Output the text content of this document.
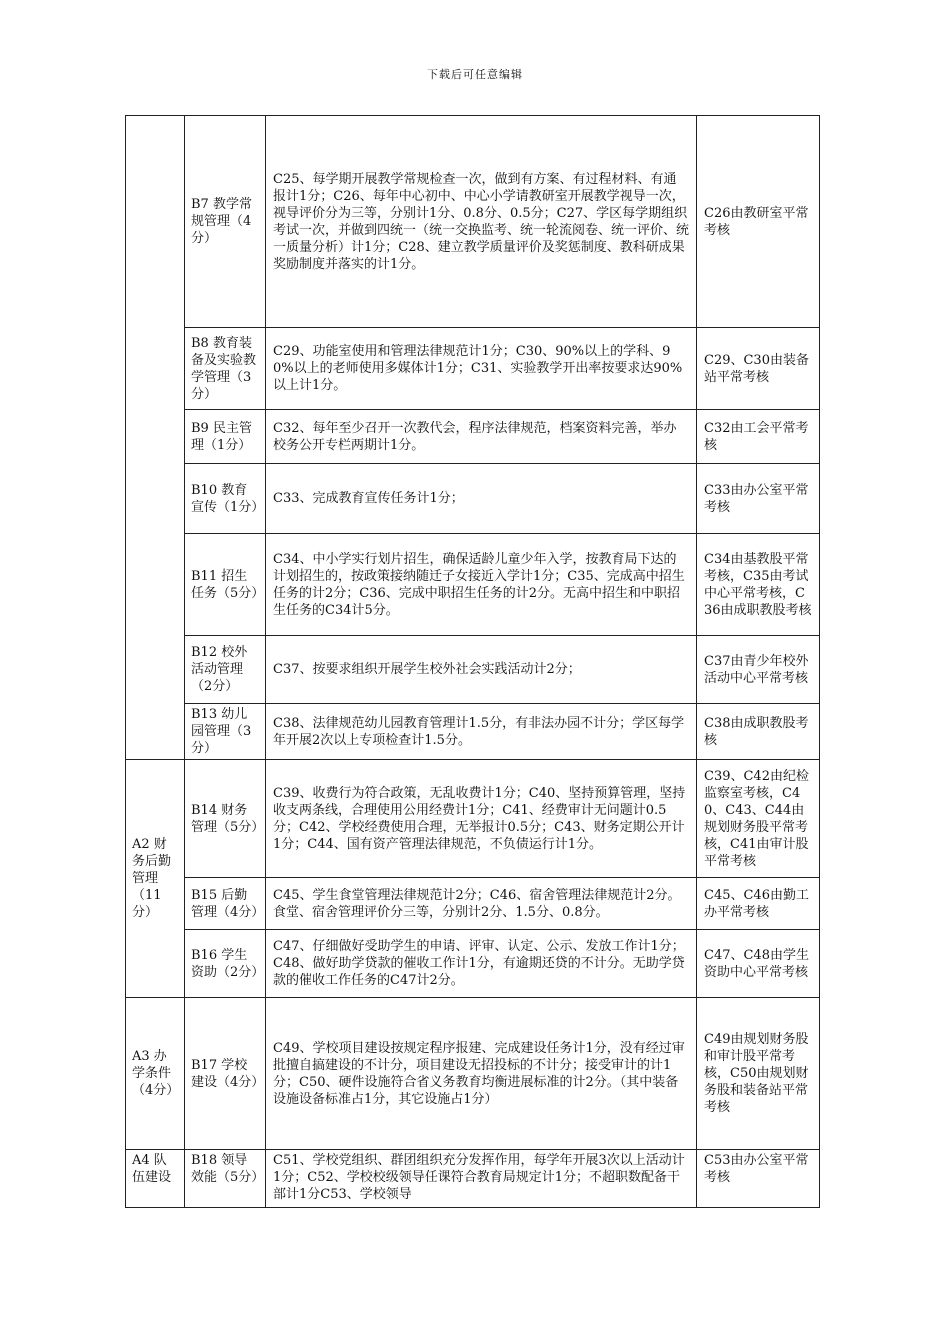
下载后可任意编辑
	B7 教学常规管理（4分）	C25、每学期开展教学常规检查一次，做到有方案、有过程材料、有通报计1分；C26、每年中心初中、中心小学请教研室开展教学视导一次，视导评价分为三等，分别计1分、0.8分、0.5分；C27、学区每学期组织考试一次，并做到四统一（统一交换监考、统一轮流阅卷、统一评价、统一质量分析）计1分；C28、建立教学质量评价及奖惩制度、教科研成果奖励制度并落实的计1分。	C26由教研室平常考核
	B8 教育装备及实验教学管理（3分）	C29、功能室使用和管理法律规范计1分；C30、90%以上的学科、90%以上的老师使用多媒体计1分；C31、实验教学开出率按要求达90%以上计1分。	C29、C30由装备站平常考核
	B9 民主管理（1分）	C32、每年至少召开一次教代会，程序法律规范，档案资料完善，举办校务公开专栏两期计1分。	C32由工会平常考核
	B10 教育宣传（1分）	C33、完成教育宣传任务计1分；	C33由办公室平常考核
	B11 招生任务（5分）	C34、中小学实行划片招生，确保适龄儿童少年入学，按教育局下达的计划招生的，按政策接纳随迁子女接近入学计1分；C35、完成高中招生任务的计2分；C36、完成中职招生任务的计2分。无高中招生和中职招生任务的C34计5分。	C34由基教股平常考核，C35由考试中心平常考核，C36由成职教股考核
	B12 校外活动管理（2分）	C37、按要求组织开展学生校外社会实践活动计2分；	C37由青少年校外活动中心平常考核
	B13 幼儿园管理（3分）	C38、法律规范幼儿园教育管理计1.5分，有非法办园不计分；学区每学年开展2次以上专项检查计1.5分。	C38由成职教股考核
A2 财务后勤管理（11分）	B14 财务管理（5分）	C39、收费行为符合政策，无乱收费计1分；C40、坚持预算管理，坚持收支两条线，合理使用公用经费计1分；C41、经费审计无问题计0.5分；C42、学校经费使用合理，无举报计0.5分；C43、财务定期公开计1分；C44、国有资产管理法律规范，不负债运行计1分。	C39、C42由纪检监察室考核，C40、C43、C44由规划财务股平常考核，C41由审计股平常考核
	B15 后勤管理（4分）	C45、学生食堂管理法律规范计2分；C46、宿舍管理法律规范计2分。食堂、宿舍管理评价分三等，分别计2分、1.5分、0.8分。	C45、C46由勤工办平常考核
	B16 学生资助（2分）	C47、仔细做好受助学生的申请、评审、认定、公示、发放工作计1分；C48、做好助学贷款的催收工作计1分，有逾期还贷的不计分。无助学贷款的催收工作任务的C47计2分。	C47、C48由学生资助中心平常考核
A3 办学条件（4分）	B17 学校建设（4分）	C49、学校项目建设按规定程序报建、完成建设任务计1分，没有经过审批擅自搞建设的不计分，项目建设无招投标的不计分；接受审计的计1分；C50、硬件设施符合省义务教育均衡进展标准的计2分。（其中装备设施设备标准占1分，其它设施占1分）	C49由规划财务股和审计股平常考核，C50由规划财务股和装备站平常考核
A4 队伍建设	B18 领导效能（5分）	C51、学校党组织、群团组织充分发挥作用，每学年开展3次以上活动计1分；C52、学校校级领导任课符合教育局规定计1分；不超职数配备干部计1分C53、学校领导	C53由办公室平常考核
